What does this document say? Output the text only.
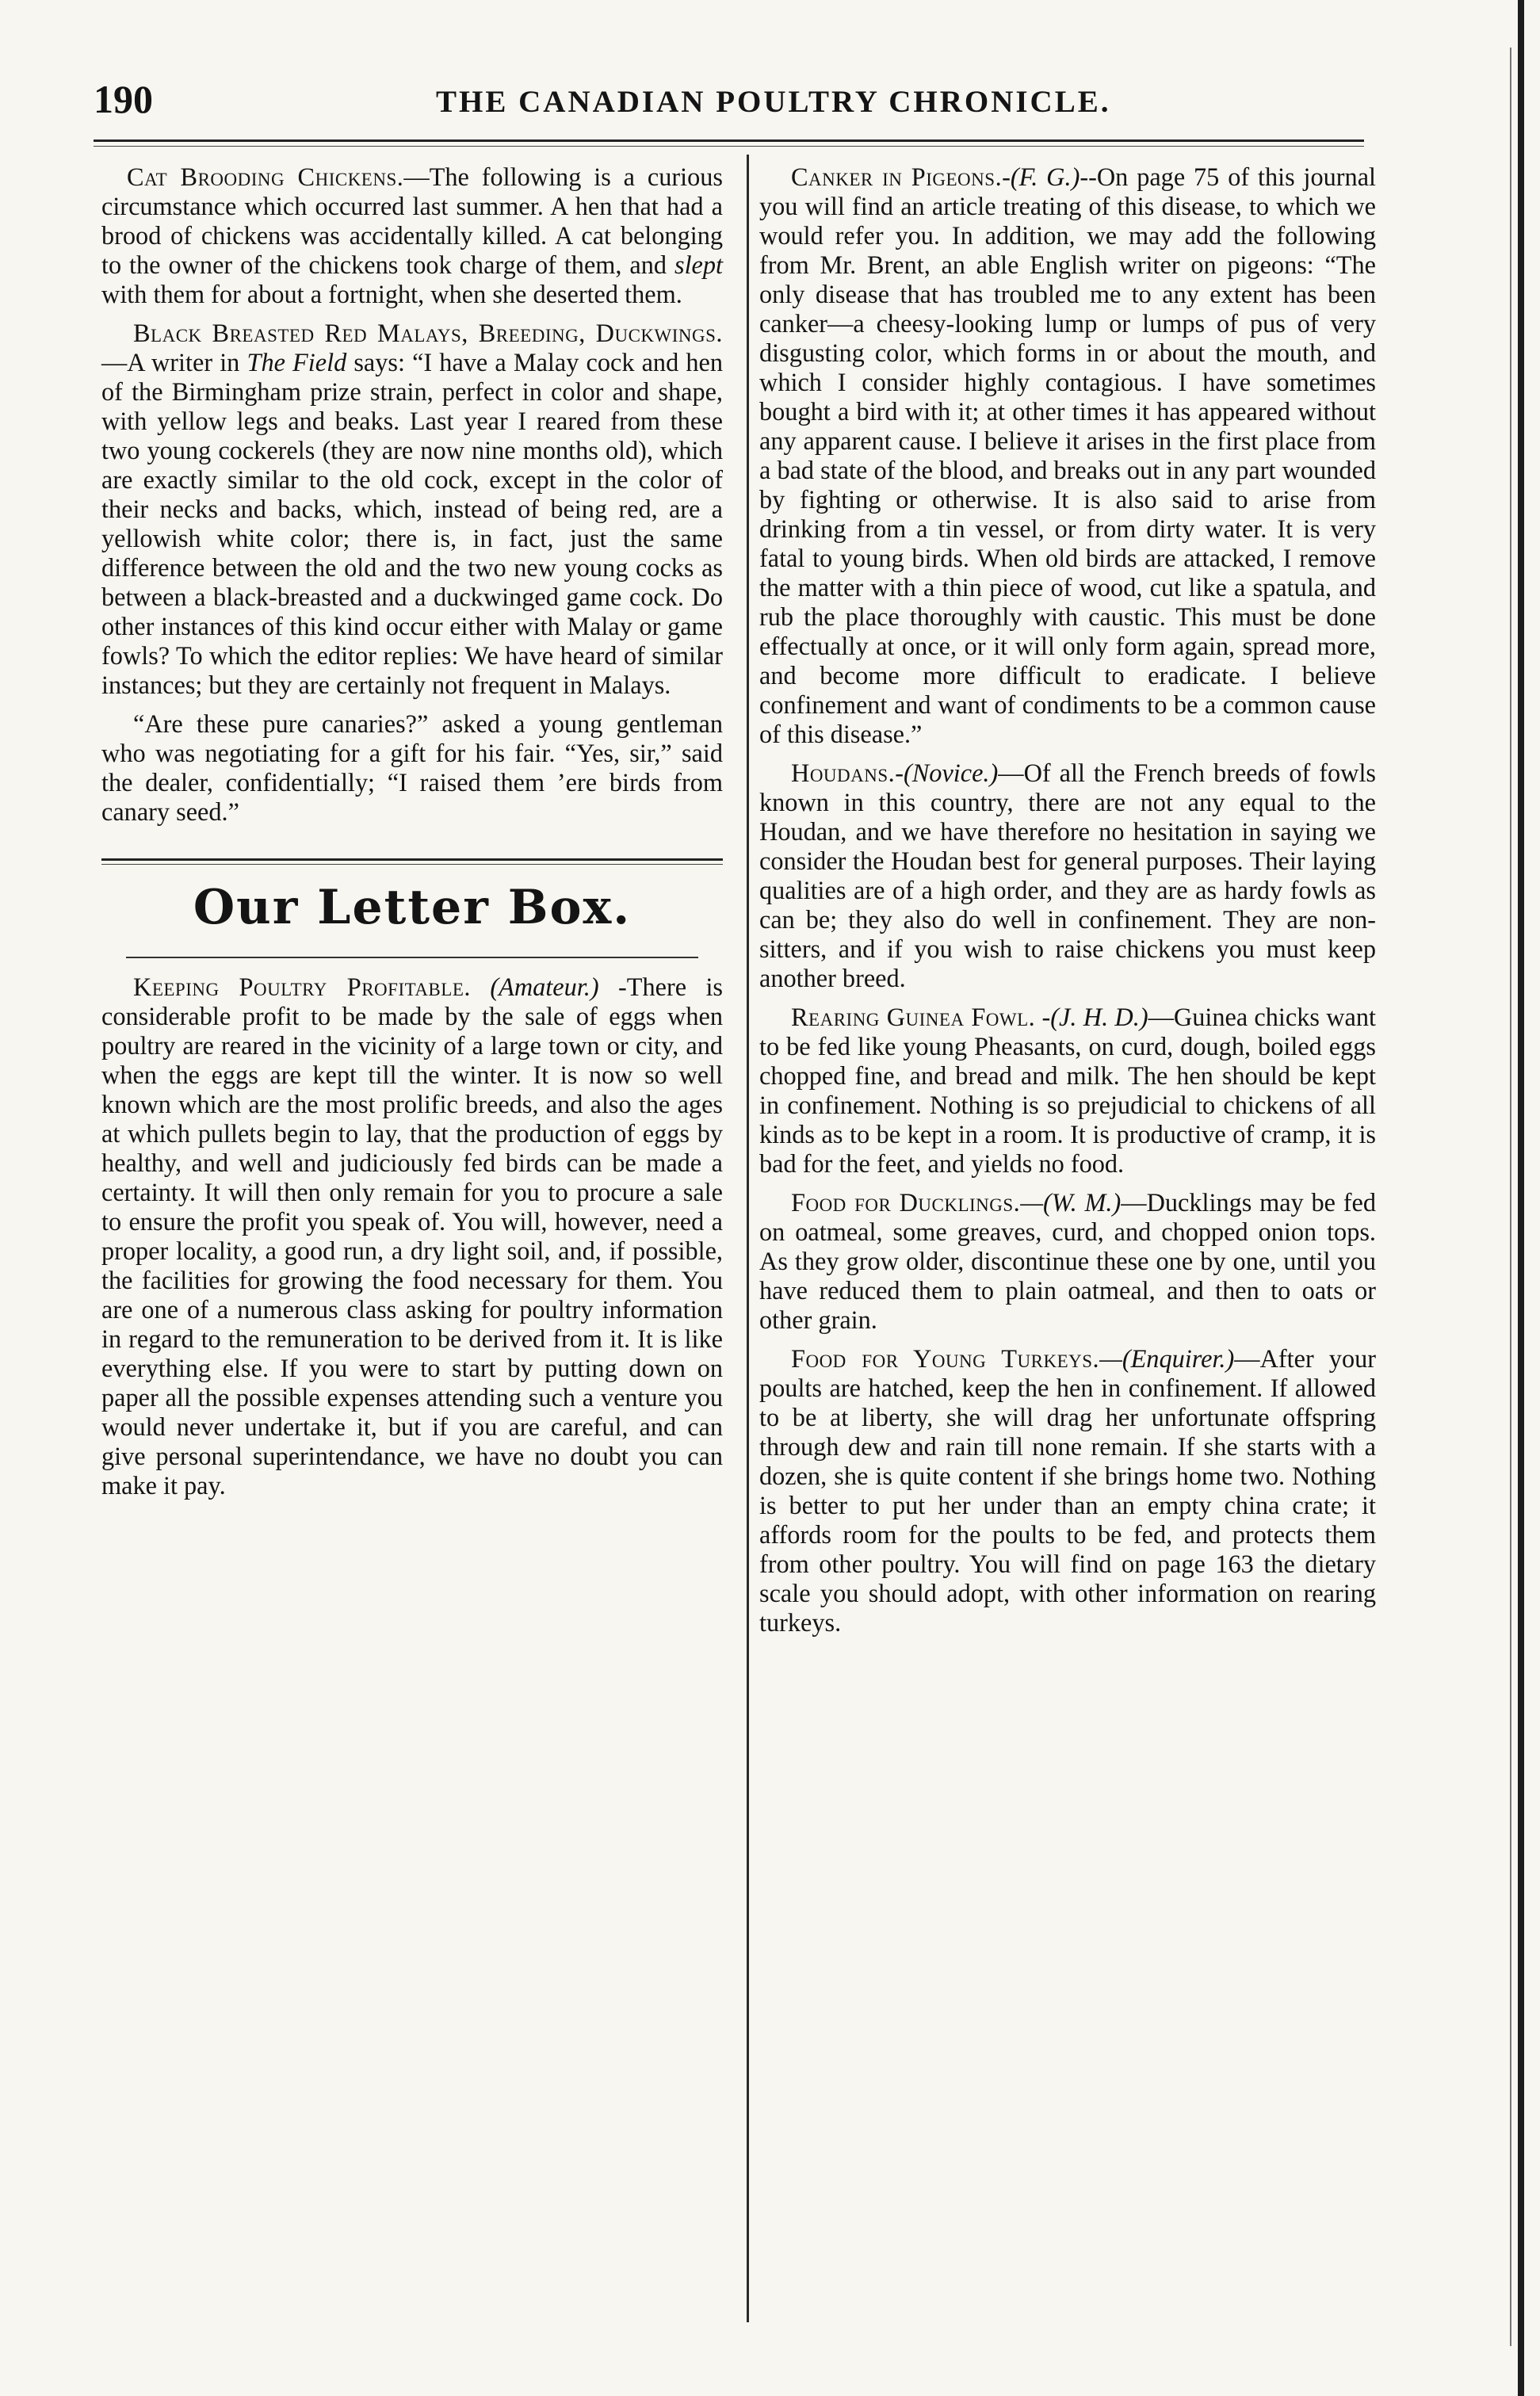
190	THE CANADIAN POULTRY CHRONICLE.

Cat Brooding Chickens.—The following is a curious circumstance which occurred last summer. A hen that had a brood of chickens was accidentally killed. A cat belonging to the owner of the chickens took charge of them, and slept with them for about a fortnight, when she deserted them.

Black Breasted Red Malays, Breeding, Duckwings.—A writer in The Field says: “I have a Malay cock and hen of the Birmingham prize strain, perfect in color and shape, with yellow legs and beaks. Last year I reared from these two young cockerels (they are now nine months old), which are exactly similar to the old cock, except in the color of their necks and backs, which, instead of being red, are a yellowish white color; there is, in fact, just the same difference between the old and the two new young cocks as between a black-breasted and a duckwinged game cock. Do other instances of this kind occur either with Malay or game fowls? To which the editor replies: We have heard of similar instances; but they are certainly not frequent in Malays.

“Are these pure canaries?” asked a young gentleman who was negotiating for a gift for his fair. “Yes, sir,” said the dealer, confidentially; “I raised them ’ere birds from canary seed.”

Our Letter Box.

Keeping Poultry Profitable. (Amateur.) -There is considerable profit to be made by the sale of eggs when poultry are reared in the vicinity of a large town or city, and when the eggs are kept till the winter. It is now so well known which are the most prolific breeds, and also the ages at which pullets begin to lay, that the production of eggs by healthy, and well and judiciously fed birds can be made a certainty. It will then only remain for you to procure a sale to ensure the profit you speak of. You will, however, need a proper locality, a good run, a dry light soil, and, if possible, the facilities for growing the food necessary for them. You are one of a numerous class asking for poultry information in regard to the remuneration to be derived from it. It is like everything else. If you were to start by putting down on paper all the possible expenses attending such a venture you would never undertake it, but if you are careful, and can give personal superintendance, we have no doubt you can make it pay.

Canker in Pigeons.-(F. G.)--On page 75 of this journal you will find an article treating of this disease, to which we would refer you. In addition, we may add the following from Mr. Brent, an able English writer on pigeons: “The only disease that has troubled me to any extent has been canker—a cheesy-looking lump or lumps of pus of very disgusting color, which forms in or about the mouth, and which I consider highly contagious. I have sometimes bought a bird with it; at other times it has appeared without any apparent cause. I believe it arises in the first place from a bad state of the blood, and breaks out in any part wounded by fighting or otherwise. It is also said to arise from drinking from a tin vessel, or from dirty water. It is very fatal to young birds. When old birds are attacked, I remove the matter with a thin piece of wood, cut like a spatula, and rub the place thoroughly with caustic. This must be done effectually at once, or it will only form again, spread more, and become more difficult to eradicate. I believe confinement and want of condiments to be a common cause of this disease.”

Houdans.-(Novice.)—Of all the French breeds of fowls known in this country, there are not any equal to the Houdan, and we have therefore no hesitation in saying we consider the Houdan best for general purposes. Their laying qualities are of a high order, and they are as hardy fowls as can be; they also do well in confinement. They are non-sitters, and if you wish to raise chickens you must keep another breed.

Rearing Guinea Fowl. -(J. H. D.)—Guinea chicks want to be fed like young Pheasants, on curd, dough, boiled eggs chopped fine, and bread and milk. The hen should be kept in confinement. Nothing is so prejudicial to chickens of all kinds as to be kept in a room. It is productive of cramp, it is bad for the feet, and yields no food.

Food for Ducklings.—(W. M.)—Ducklings may be fed on oatmeal, some greaves, curd, and chopped onion tops. As they grow older, discontinue these one by one, until you have reduced them to plain oatmeal, and then to oats or other grain.

Food for Young Turkeys.—(Enquirer.)—After your poults are hatched, keep the hen in confinement. If allowed to be at liberty, she will drag her unfortunate offspring through dew and rain till none remain. If she starts with a dozen, she is quite content if she brings home two. Nothing is better to put her under than an empty china crate; it affords room for the poults to be fed, and protects them from other poultry. You will find on page 163 the dietary scale you should adopt, with other information on rearing turkeys.
